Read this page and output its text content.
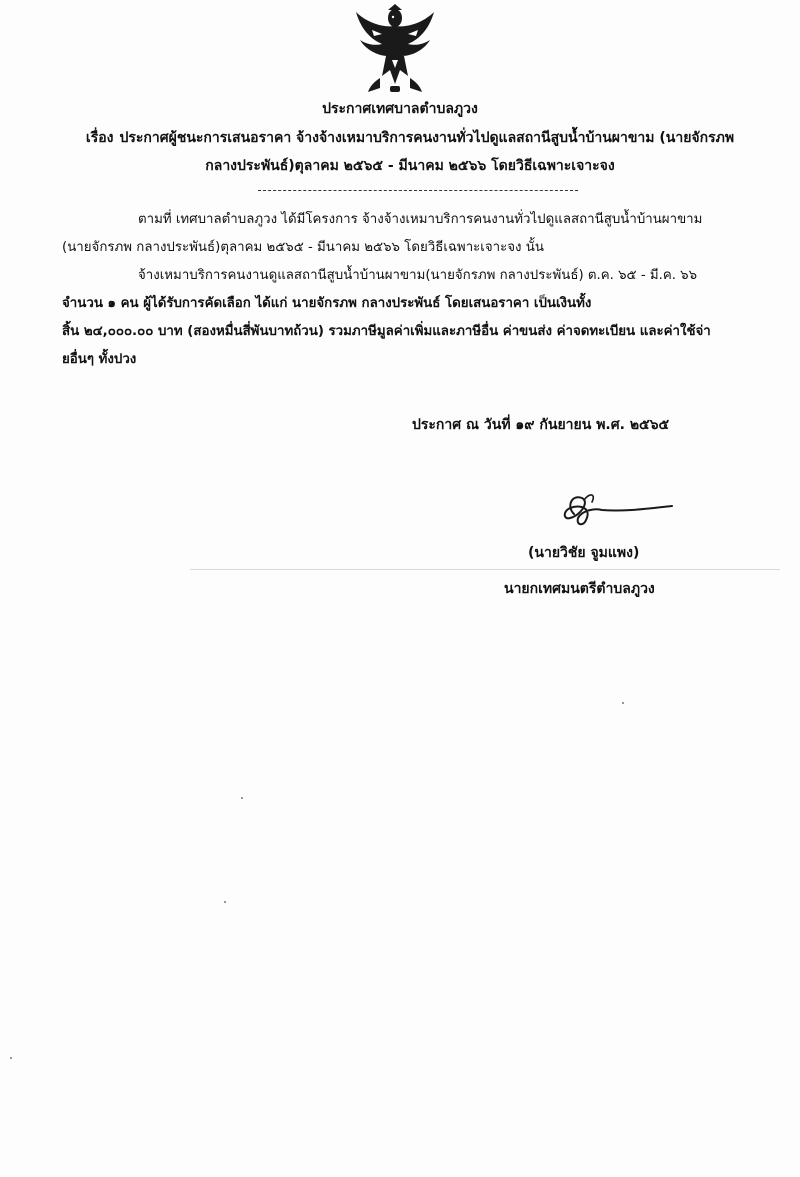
ประกาศเทศบาลตำบลภูวง
เรื่อง ประกาศผู้ชนะการเสนอราคา จ้างจ้างเหมาบริการคนงานทั่วไปดูแลสถานีสูบน้ำบ้านผาขาม (นายจักรภพ
กลางประพันธ์)ตุลาคม ๒๕๖๕ - มีนาคม ๒๕๖๖ โดยวิธีเฉพาะเจาะจง

ตามที่ เทศบาลตำบลภูวง ได้มีโครงการ จ้างจ้างเหมาบริการคนงานทั่วไปดูแลสถานีสูบน้ำบ้านผาขาม

(นายจักรภพ กลางประพันธ์)ตุลาคม ๒๕๖๕ - มีนาคม ๒๕๖๖ โดยวิธีเฉพาะเจาะจง นั้น

จ้างเหมาบริการคนงานดูแลสถานีสูบน้ำบ้านผาขาม(นายจักรภพ กลางประพันธ์) ต.ค. ๖๕ - มี.ค. ๖๖

จำนวน ๑ คน ผู้ได้รับการคัดเลือก ได้แก่ นายจักรภพ กลางประพันธ์ โดยเสนอราคา เป็นเงินทั้ง

สิ้น ๒๔,๐๐๐.๐๐ บาท (สองหมื่นสี่พันบาทถ้วน) รวมภาษีมูลค่าเพิ่มและภาษีอื่น ค่าขนส่ง ค่าจดทะเบียน และค่าใช้จ่า

ยอื่นๆ ทั้งปวง

ประกาศ ณ วันที่ ๑๙ กันยายน พ.ศ. ๒๕๖๕
(นายวิชัย จูมแพง)
นายกเทศมนตรีตำบลภูวง
